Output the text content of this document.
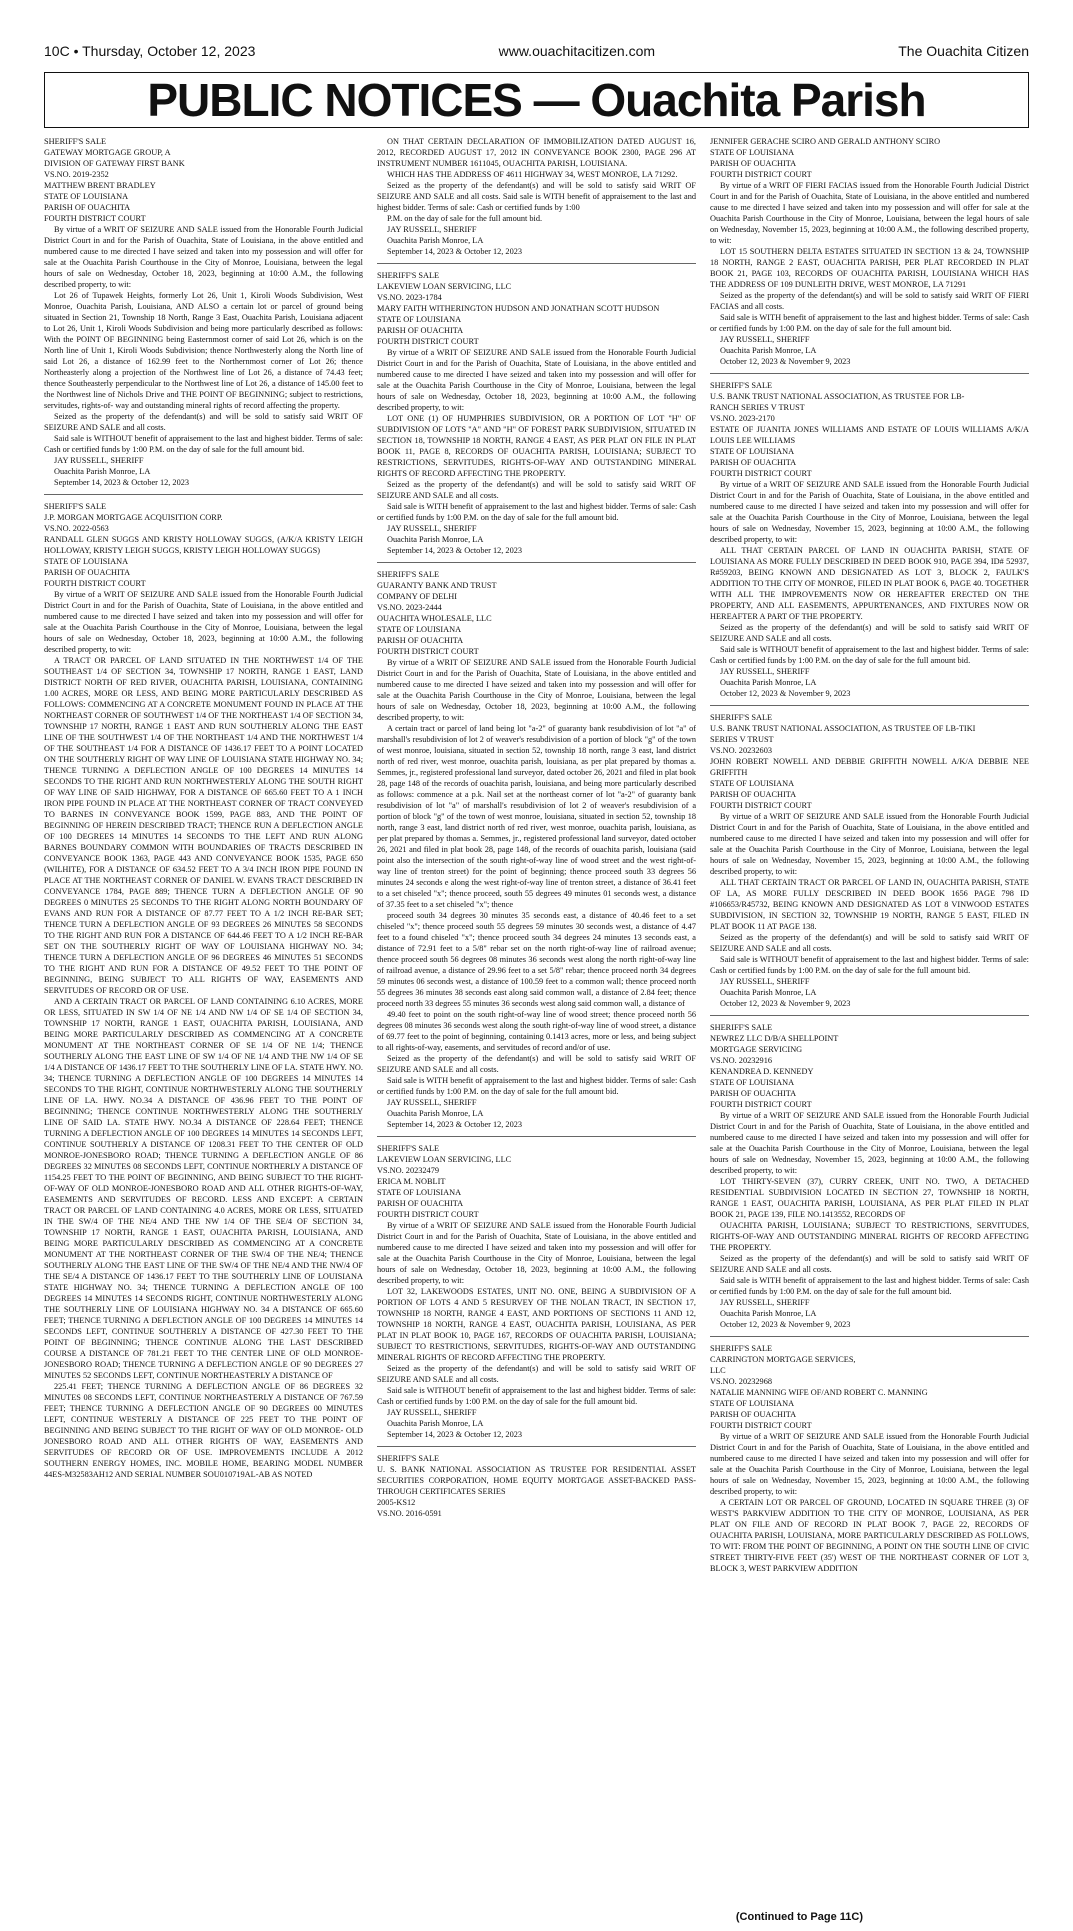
10C • Thursday, October 12, 2023	www.ouachitacitizen.com	The Ouachita Citizen
PUBLIC NOTICES — Ouachita Parish

SHERIFF'S SALE

GATEWAY MORTGAGE GROUP, A

DIVISION OF GATEWAY FIRST BANK

VS.NO. 2019-2352

MATTHEW BRENT BRADLEY

STATE OF LOUISIANA

PARISH OF OUACHITA

FOURTH DISTRICT COURT

By virtue of a WRIT OF SEIZURE AND SALE issued from the Honorable Fourth Judicial District Court in and for the Parish of Ouachita, State of Louisiana, in the above entitled and numbered cause to me directed I have seized and taken into my possession and will offer for sale at the Ouachita Parish Courthouse in the City of Monroe, Louisiana, between the legal hours of sale on Wednesday, October 18, 2023, beginning at 10:00 A.M., the following described property, to wit:

Lot 26 of Tupawek Heights, formerly Lot 26, Unit 1, Kiroli Woods Subdivision, West Monroe, Ouachita Parish, Louisiana, AND ALSO a certain lot or parcel of ground being situated in Section 21, Township 18 North, Range 3 East, Ouachita Parish, Louisiana adjacent to Lot 26, Unit 1, Kiroli Woods Subdivision and being more particularly described as follows: With the POINT OF BEGINNING being Easternmost corner of said Lot 26, which is on the North line of Unit 1, Kiroli Woods Subdivision; thence Northwesterly along the North line of said Lot 26, a distance of 162.99 feet to the Northernmost corner of Lot 26; thence Northeasterly along a projection of the Northwest line of Lot 26, a distance of 74.43 feet; thence Southeasterly perpendicular to the Northwest line of Lot 26, a distance of 145.00 feet to the Northwest line of Nichols Drive and THE POINT OF BEGINNING; subject to restrictions, servitudes, rights-of- way and outstanding mineral rights of record affecting the property.

Seized as the property of the defendant(s) and will be sold to satisfy said WRIT OF SEIZURE AND SALE and all costs.

Said sale is WITHOUT benefit of appraisement to the last and highest bidder. Terms of sale: Cash or certified funds by 1:00 P.M. on the day of sale for the full amount bid.

JAY RUSSELL, SHERIFF

Ouachita Parish Monroe, LA

September 14, 2023 & October 12, 2023

SHERIFF'S SALE

J.P. MORGAN MORTGAGE ACQUISITION CORP.

VS.NO. 2022-0563

RANDALL GLEN SUGGS AND KRISTY HOLLOWAY SUGGS, (A/K/A KRISTY LEIGH HOLLOWAY, KRISTY LEIGH SUGGS, KRISTY LEIGH HOLLOWAY SUGGS)

STATE OF LOUISIANA

PARISH OF OUACHITA

FOURTH DISTRICT COURT

By virtue of a WRIT OF SEIZURE AND SALE issued from the Honorable Fourth Judicial District Court in and for the Parish of Ouachita, State of Louisiana, in the above entitled and numbered cause to me directed I have seized and taken into my possession and will offer for sale at the Ouachita Parish Courthouse in the City of Monroe, Louisiana, between the legal hours of sale on Wednesday, October 18, 2023, beginning at 10:00 A.M., the following described property, to wit:

A TRACT OR PARCEL OF LAND SITUATED IN THE NORTHWEST 1/4 OF THE SOUTHEAST 1/4 OF SECTION 34, TOWNSHIP 17 NORTH, RANGE 1 EAST, LAND DISTRICT NORTH OF RED RIVER, OUACHITA PARISH, LOUISIANA, CONTAINING 1.00 ACRES, MORE OR LESS, AND BEING MORE PARTICULARLY DESCRIBED AS FOLLOWS: COMMENCING AT A CONCRETE MONUMENT FOUND IN PLACE AT THE NORTHEAST CORNER OF SOUTHWEST 1/4 OF THE NORTHEAST 1/4 OF SECTION 34, TOWNSHIP 17 NORTH, RANGE 1 EAST AND RUN SOUTHERLY ALONG THE EAST LINE OF THE SOUTHWEST 1/4 OF THE NORTHEAST 1/4 AND THE NORTHWEST 1/4 OF THE SOUTHEAST 1/4 FOR A DISTANCE OF 1436.17 FEET TO A POINT LOCATED ON THE SOUTHERLY RIGHT OF WAY LINE OF LOUISIANA STATE HIGHWAY NO. 34; THENCE TURNING A DEFLECTION ANGLE OF 100 DEGREES 14 MINUTES 14 SECONDS TO THE RIGHT AND RUN NORTHWESTERLY ALONG THE SOUTH RIGHT OF WAY LINE OF SAID HIGHWAY, FOR A DISTANCE OF 665.60 FEET TO A 1 INCH IRON PIPE FOUND IN PLACE AT THE NORTHEAST CORNER OF TRACT CONVEYED TO BARNES IN CONVEYANCE BOOK 1599, PAGE 883, AND THE POINT OF BEGINNING OF HEREIN DESCRIBED TRACT; THENCE RUN A DEFLECTION ANGLE OF 100 DEGREES 14 MINUTES 14 SECONDS TO THE LEFT AND RUN ALONG BARNES BOUNDARY COMMON WITH BOUNDARIES OF TRACTS DESCRIBED IN CONVEYANCE BOOK 1363, PAGE 443 AND CONVEYANCE BOOK 1535, PAGE 650 (WILHITE), FOR A DISTANCE OF 634.52 FEET TO A 3/4 INCH IRON PIPE FOUND IN PLACE AT THE NORTHEAST CORNER OF DANIEL W. EVANS TRACT DESCRIBED IN CONVEYANCE 1784, PAGE 889; THENCE TURN A DEFLECTION ANGLE OF 90 DEGREES 0 MINUTES 25 SECONDS TO THE RIGHT ALONG NORTH BOUNDARY OF EVANS AND RUN FOR A DISTANCE OF 87.77 FEET TO A 1/2 INCH RE-BAR SET; THENCE TURN A DEFLECTION ANGLE OF 93 DEGREES 26 MINUTES 58 SECONDS TO THE RIGHT AND RUN FOR A DISTANCE OF 644.46 FEET TO A 1/2 INCH RE-BAR SET ON THE SOUTHERLY RIGHT OF WAY OF LOUISIANA HIGHWAY NO. 34; THENCE TURN A DEFLECTION ANGLE OF 96 DEGREES 46 MINUTES 51 SECONDS TO THE RIGHT AND RUN FOR A DISTANCE OF 49.52 FEET TO THE POINT OF BEGINNING, BEING SUBJECT TO ALL RIGHTS OF WAY, EASEMENTS AND SERVITUDES OF RECORD OR OF USE.

AND A CERTAIN TRACT OR PARCEL OF LAND CONTAINING 6.10 ACRES, MORE OR LESS, SITUATED IN SW 1/4 OF NE 1/4 AND NW 1/4 OF SE 1/4 OF SECTION 34, TOWNSHIP 17 NORTH, RANGE 1 EAST, OUACHITA PARISH, LOUISIANA, AND BEING MORE PARTICULARLY DESCRIBED AS COMMENCING AT A CONCRETE MONUMENT AT THE NORTHEAST CORNER OF SE 1/4 OF NE 1/4; THENCE SOUTHERLY ALONG THE EAST LINE OF SW 1/4 OF NE 1/4 AND THE NW 1/4 OF SE 1/4 A DISTANCE OF 1436.17 FEET TO THE SOUTHERLY LINE OF LA. STATE HWY. NO. 34; THENCE TURNING A DEFLECTION ANGLE OF 100 DEGREES 14 MINUTES 14 SECONDS TO THE RIGHT, CONTINUE NORTHWESTERLY ALONG THE SOUTHERLY LINE OF LA. HWY. NO.34 A DISTANCE OF 436.96 FEET TO THE POINT OF BEGINNING; THENCE CONTINUE NORTHWESTERLY ALONG THE SOUTHERLY LINE OF SAID LA. STATE HWY. NO.34 A DISTANCE OF 228.64 FEET; THENCE TURNING A DEFLECTION ANGLE OF 100 DEGREES 14 MINUTES 14 SECONDS LEFT, CONTINUE SOUTHERLY A DISTANCE OF 1208.31 FEET TO THE CENTER OF OLD MONROE-JONESBORO ROAD; THENCE TURNING A DEFLECTION ANGLE OF 86 DEGREES 32 MINUTES 08 SECONDS LEFT, CONTINUE NORTHERLY A DISTANCE OF 1154.25 FEET TO THE POINT OF BEGINNING, AND BEING SUBJECT TO THE RIGHT-OF-WAY OF OLD MONROE-JONESBORO ROAD AND ALL OTHER RIGHTS-OF-WAY, EASEMENTS AND SERVITUDES OF RECORD. LESS AND EXCEPT: A CERTAIN TRACT OR PARCEL OF LAND CONTAINING 4.0 ACRES, MORE OR LESS, SITUATED IN THE SW/4 OF THE NE/4 AND THE NW 1/4 OF THE SE/4 OF SECTION 34, TOWNSHIP 17 NORTH, RANGE 1 EAST, OUACHITA PARISH, LOUISIANA, AND BEING MORE PARTICULARLY DESCRIBED AS COMMENCING AT A CONCRETE MONUMENT AT THE NORTHEAST CORNER OF THE SW/4 OF THE NE/4; THENCE SOUTHERLY ALONG THE EAST LINE OF THE SW/4 OF THE NE/4 AND THE NW/4 OF THE SE/4 A DISTANCE OF 1436.17 FEET TO THE SOUTHERLY LINE OF LOUISIANA STATE HIGHWAY NO. 34; THENCE TURNING A DEFLECTION ANGLE OF 100 DEGREES 14 MINUTES 14 SECONDS RIGHT, CONTINUE NORTHWESTERLY ALONG THE SOUTHERLY LINE OF LOUISIANA HIGHWAY NO. 34 A DISTANCE OF 665.60 FEET; THENCE TURNING A DEFLECTION ANGLE OF 100 DEGREES 14 MINUTES 14 SECONDS LEFT, CONTINUE SOUTHERLY A DISTANCE OF 427.30 FEET TO THE POINT OF BEGINNING; THENCE CONTINUE ALONG THE LAST DESCRIBED COURSE A DISTANCE OF 781.21 FEET TO THE CENTER LINE OF OLD MONROE-JONESBORO ROAD; THENCE TURNING A DEFLECTION ANGLE OF 90 DEGREES 27 MINUTES 52 SECONDS LEFT, CONTINUE NORTHEASTERLY A DISTANCE OF

225.41 FEET; THENCE TURNING A DEFLECTION ANGLE OF 86 DEGREES 32 MINUTES 08 SECONDS LEFT, CONTINUE NORTHEASTERLY A DISTANCE OF 767.59 FEET; THENCE TURNING A DEFLECTION ANGLE OF 90 DEGREES 00 MINUTES LEFT, CONTINUE WESTERLY A DISTANCE OF 225 FEET TO THE POINT OF BEGINNING AND BEING SUBJECT TO THE RIGHT OF WAY OF OLD MONROE- OLD JONESBORO ROAD AND ALL OTHER RIGHTS OF WAY, EASEMENTS AND SERVITUDES OF RECORD OR OF USE. IMPROVEMENTS INCLUDE A 2012 SOUTHERN ENERGY HOMES, INC. MOBILE HOME, BEARING MODEL NUMBER 44ES-M32583AH12 AND SERIAL NUMBER SOU010719AL-AB AS NOTED

ON THAT CERTAIN DECLARATION OF IMMOBILIZATION DATED AUGUST 16, 2012, RECORDED AUGUST 17, 2012 IN CONVEYANCE BOOK 2300, PAGE 296 AT INSTRUMENT NUMBER 1611045, OUACHITA PARISH, LOUISIANA.

WHICH HAS THE ADDRESS OF 4611 HIGHWAY 34, WEST MONROE, LA 71292.

Seized as the property of the defendant(s) and will be sold to satisfy said WRIT OF SEIZURE AND SALE and all costs. Said sale is WITH benefit of appraisement to the last and highest bidder. Terms of sale: Cash or certified funds by 1:00

P.M. on the day of sale for the full amount bid.

JAY RUSSELL, SHERIFF

Ouachita Parish Monroe, LA

September 14, 2023 & October 12, 2023

SHERIFF'S SALE

LAKEVIEW LOAN SERVICING, LLC

VS.NO. 2023-1784

MARY FAITH WITHERINGTON HUDSON AND JONATHAN SCOTT HUDSON

STATE OF LOUISIANA

PARISH OF OUACHITA

FOURTH DISTRICT COURT

By virtue of a WRIT OF SEIZURE AND SALE issued from the Honorable Fourth Judicial District Court in and for the Parish of Ouachita, State of Louisiana, in the above entitled and numbered cause to me directed I have seized and taken into my possession and will offer for sale at the Ouachita Parish Courthouse in the City of Monroe, Louisiana, between the legal hours of sale on Wednesday, October 18, 2023, beginning at 10:00 A.M., the following described property, to wit:

LOT ONE (1) OF HUMPHRIES SUBDIVISION, OR A PORTION OF LOT "H" OF SUBDIVISION OF LOTS "A" AND "H" OF FOREST PARK SUBDIVISION, SITUATED IN SECTION 18, TOWNSHIP 18 NORTH, RANGE 4 EAST, AS PER PLAT ON FILE IN PLAT BOOK 11, PAGE 8, RECORDS OF OUACHITA PARISH, LOUISIANA; SUBJECT TO RESTRICTIONS, SERVITUDES, RIGHTS-OF-WAY AND OUTSTANDING MINERAL RIGHTS OF RECORD AFFECTING THE PROPERTY.

Seized as the property of the defendant(s) and will be sold to satisfy said WRIT OF SEIZURE AND SALE and all costs.

Said sale is WITH benefit of appraisement to the last and highest bidder. Terms of sale: Cash or certified funds by 1:00 P.M. on the day of sale for the full amount bid.

JAY RUSSELL, SHERIFF

Ouachita Parish Monroe, LA

September 14, 2023 & October 12, 2023

SHERIFF'S SALE

GUARANTY BANK AND TRUST

COMPANY OF DELHI

VS.NO. 2023-2444

OUACHITA WHOLESALE, LLC

STATE OF LOUISIANA

PARISH OF OUACHITA

FOURTH DISTRICT COURT

By virtue of a WRIT OF SEIZURE AND SALE issued from the Honorable Fourth Judicial District Court in and for the Parish of Ouachita, State of Louisiana, in the above entitled and numbered cause to me directed I have seized and taken into my possession and will offer for sale at the Ouachita Parish Courthouse in the City of Monroe, Louisiana, between the legal hours of sale on Wednesday, October 18, 2023, beginning at 10:00 A.M., the following described property, to wit:

A certain tract or parcel of land being lot "a-2" of guaranty bank resubdivision of lot "a" of marshall's resubdivision of lot 2 of weaver's resubdivision of a portion of block "g" of the town of west monroe, louisiana, situated in section 52, township 18 north, range 3 east, land district north of red river, west monroe, ouachita parish, louisiana, as per plat prepared by thomas a. Semmes, jr., registered professional land surveyor, dated october 26, 2021 and filed in plat book 28, page 148 of the records of ouachita parish, louisiana, and being more particularly described as follows: commence at a p.k. Nail set at the northeast corner of lot "a-2" of guaranty bank resubdivision of lot "a" of marshall's resubdivision of lot 2 of weaver's resubdivision of a portion of block "g" of the town of west monroe, louisiana, situated in section 52, township 18 north, range 3 east, land district north of red river, west monroe, ouachita parish, louisiana, as per plat prepared by thomas a. Semmes, jr., registered professional land surveyor, dated october 26, 2021 and filed in plat book 28, page 148, of the records of ouachita parish, louisiana (said point also the intersection of the south right-of-way line of wood street and the west right-of-way line of trenton street) for the point of beginning; thence proceed south 33 degrees 56 minutes 24 seconds e along the west right-of-way line of trenton street, a distance of 36.41 feet to a set chiseled "x"; thence proceed, south 55 degrees 49 minutes 01 seconds west, a distance of 37.35 feet to a set chiseled "x"; thence

proceed south 34 degrees 30 minutes 35 seconds east, a distance of 40.46 feet to a set chiseled "x"; thence proceed south 55 degrees 59 minutes 30 seconds west, a distance of 4.47 feet to a found chiseled "x"; thence proceed south 34 degrees 24 minutes 13 seconds east, a distance of 72.91 feet to a 5/8" rebar set on the north right-of-way line of railroad avenue; thence proceed south 56 degrees 08 minutes 36 seconds west along the north right-of-way line of railroad avenue, a distance of 29.96 feet to a set 5/8" rebar; thence proceed north 34 degrees 59 minutes 06 seconds west, a distance of 100.59 feet to a common wall; thence proceed north 55 degrees 36 minutes 38 seconds east along said common wall, a distance of 2.84 feet; thence proceed north 33 degrees 55 minutes 36 seconds west along said common wall, a distance of

49.40 feet to point on the south right-of-way line of wood street; thence proceed north 56 degrees 08 minutes 36 seconds west along the south right-of-way line of wood street, a distance of 69.77 feet to the point of beginning, containing 0.1413 acres, more or less, and being subject to all rights-of-way, easements, and servitudes of record and/or of use.

Seized as the property of the defendant(s) and will be sold to satisfy said WRIT OF SEIZURE AND SALE and all costs.

Said sale is WITH benefit of appraisement to the last and highest bidder. Terms of sale: Cash or certified funds by 1:00 P.M. on the day of sale for the full amount bid.

JAY RUSSELL, SHERIFF

Ouachita Parish Monroe, LA

September 14, 2023 & October 12, 2023

SHERIFF'S SALE

LAKEVIEW LOAN SERVICING, LLC

VS.NO. 20232479

ERICA M. NOBLIT

STATE OF LOUISIANA

PARISH OF OUACHITA

FOURTH DISTRICT COURT

By virtue of a WRIT OF SEIZURE AND SALE issued from the Honorable Fourth Judicial District Court in and for the Parish of Ouachita, State of Louisiana, in the above entitled and numbered cause to me directed I have seized and taken into my possession and will offer for sale at the Ouachita Parish Courthouse in the City of Monroe, Louisiana, between the legal hours of sale on Wednesday, October 18, 2023, beginning at 10:00 A.M., the following described property, to wit:

LOT 32, LAKEWOODS ESTATES, UNIT NO. ONE, BEING A SUBDIVISION OF A PORTION OF LOTS 4 AND 5 RESURVEY OF THE NOLAN TRACT, IN SECTION 17, TOWNSHIP 18 NORTH, RANGE 4 EAST, AND PORTIONS OF SECTIONS 11 AND 12, TOWNSHIP 18 NORTH, RANGE 4 EAST, OUACHITA PARISH, LOUISIANA, AS PER PLAT IN PLAT BOOK 10, PAGE 167, RECORDS OF OUACHITA PARISH, LOUISIANA; SUBJECT TO RESTRICTIONS, SERVITUDES, RIGHTS-OF-WAY AND OUTSTANDING MINERAL RIGHTS OF RECORD AFFECTING THE PROPERTY.

Seized as the property of the defendant(s) and will be sold to satisfy said WRIT OF SEIZURE AND SALE and all costs.

Said sale is WITHOUT benefit of appraisement to the last and highest bidder. Terms of sale: Cash or certified funds by 1:00 P.M. on the day of sale for the full amount bid.

JAY RUSSELL, SHERIFF

Ouachita Parish Monroe, LA

September 14, 2023 & October 12, 2023

SHERIFF'S SALE

U. S. BANK NATIONAL ASSOCIATION AS TRUSTEE FOR RESIDENTIAL ASSET SECURITIES CORPORATION, HOME EQUITY MORTGAGE ASSET-BACKED PASS-THROUGH CERTIFICATES SERIES

2005-KS12

VS.NO. 2016-0591

JENNIFER GERACHE SCIRO AND GERALD ANTHONY SCIRO

STATE OF LOUISIANA

PARISH OF OUACHITA

FOURTH DISTRICT COURT

By virtue of a WRIT OF FIERI FACIAS issued from the Honorable Fourth Judicial District Court in and for the Parish of Ouachita, State of Louisiana, in the above entitled and numbered cause to me directed I have seized and taken into my possession and will offer for sale at the Ouachita Parish Courthouse in the City of Monroe, Louisiana, between the legal hours of sale on Wednesday, November 15, 2023, beginning at 10:00 A.M., the following described property, to wit:

LOT 15 SOUTHERN DELTA ESTATES SITUATED IN SECTION 13 & 24, TOWNSHIP 18 NORTH, RANGE 2 EAST, OUACHITA PARISH, PER PLAT RECORDED IN PLAT BOOK 21, PAGE 103, RECORDS OF OUACHITA PARISH, LOUISIANA WHICH HAS THE ADDRESS OF 109 DUNLEITH DRIVE, WEST MONROE, LA 71291

Seized as the property of the defendant(s) and will be sold to satisfy said WRIT OF FIERI FACIAS and all costs.

Said sale is WITH benefit of appraisement to the last and highest bidder. Terms of sale: Cash or certified funds by 1:00 P.M. on the day of sale for the full amount bid.

JAY RUSSELL, SHERIFF

Ouachita Parish Monroe, LA

October 12, 2023 & November 9, 2023

SHERIFF'S SALE

U.S. BANK TRUST NATIONAL ASSOCIATION, AS TRUSTEE FOR LB-

RANCH SERIES V TRUST

VS.NO. 2023-2170

ESTATE OF JUANITA JONES WILLIAMS AND ESTATE OF LOUIS WILLIAMS A/K/A LOUIS LEE WILLIAMS

STATE OF LOUISIANA

PARISH OF OUACHITA

FOURTH DISTRICT COURT

By virtue of a WRIT OF SEIZURE AND SALE issued from the Honorable Fourth Judicial District Court in and for the Parish of Ouachita, State of Louisiana, in the above entitled and numbered cause to me directed I have seized and taken into my possession and will offer for sale at the Ouachita Parish Courthouse in the City of Monroe, Louisiana, between the legal hours of sale on Wednesday, November 15, 2023, beginning at 10:00 A.M., the following described property, to wit:

ALL THAT CERTAIN PARCEL OF LAND IN OUACHITA PARISH, STATE OF LOUISIANA AS MORE FULLY DESCRIBED IN DEED BOOK 910, PAGE 394, ID# 52937, R#59203, BEING KNOWN AND DESIGNATED AS LOT 3, BLOCK 2, FAULK'S ADDITION TO THE CITY OF MONROE, FILED IN PLAT BOOK 6, PAGE 40. TOGETHER WITH ALL THE IMPROVEMENTS NOW OR HEREAFTER ERECTED ON THE PROPERTY, AND ALL EASEMENTS, APPURTENANCES, AND FIXTURES NOW OR HEREAFTER A PART OF THE PROPERTY.

Seized as the property of the defendant(s) and will be sold to satisfy said WRIT OF SEIZURE AND SALE and all costs.

Said sale is WITHOUT benefit of appraisement to the last and highest bidder. Terms of sale: Cash or certified funds by 1:00 P.M. on the day of sale for the full amount bid.

JAY RUSSELL, SHERIFF

Ouachita Parish Monroe, LA

October 12, 2023 & November 9, 2023

SHERIFF'S SALE

U.S. BANK TRUST NATIONAL ASSOCIATION, AS TRUSTEE OF LB-TIKI

SERIES V TRUST

VS.NO. 20232603

JOHN ROBERT NOWELL AND DEBBIE GRIFFITH NOWELL A/K/A DEBBIE NEE GRIFFITH

STATE OF LOUISIANA

PARISH OF OUACHITA

FOURTH DISTRICT COURT

By virtue of a WRIT OF SEIZURE AND SALE issued from the Honorable Fourth Judicial District Court in and for the Parish of Ouachita, State of Louisiana, in the above entitled and numbered cause to me directed I have seized and taken into my possession and will offer for sale at the Ouachita Parish Courthouse in the City of Monroe, Louisiana, between the legal hours of sale on Wednesday, November 15, 2023, beginning at 10:00 A.M., the following described property, to wit:

ALL THAT CERTAIN TRACT OR PARCEL OF LAND IN, OUACHITA PARISH, STATE OF LA, AS MORE FULLY DESCRIBED IN DEED BOOK 1656 PAGE 798 ID #106653/R45732, BEING KNOWN AND DESIGNATED AS LOT 8 VINWOOD ESTATES SUBDIVISION, IN SECTION 32, TOWNSHIP 19 NORTH, RANGE 5 EAST, FILED IN PLAT BOOK 11 AT PAGE 138.

Seized as the property of the defendant(s) and will be sold to satisfy said WRIT OF SEIZURE AND SALE and all costs.

Said sale is WITHOUT benefit of appraisement to the last and highest bidder. Terms of sale: Cash or certified funds by 1:00 P.M. on the day of sale for the full amount bid.

JAY RUSSELL, SHERIFF

Ouachita Parish Monroe, LA

October 12, 2023 & November 9, 2023

SHERIFF'S SALE

NEWREZ LLC D/B/A SHELLPOINT

MORTGAGE SERVICING

VS.NO. 20232916

KENANDREA D. KENNEDY

STATE OF LOUISIANA

PARISH OF OUACHITA

FOURTH DISTRICT COURT

By virtue of a WRIT OF SEIZURE AND SALE issued from the Honorable Fourth Judicial District Court in and for the Parish of Ouachita, State of Louisiana, in the above entitled and numbered cause to me directed I have seized and taken into my possession and will offer for sale at the Ouachita Parish Courthouse in the City of Monroe, Louisiana, between the legal hours of sale on Wednesday, November 15, 2023, beginning at 10:00 A.M., the following described property, to wit:

LOT THIRTY-SEVEN (37), CURRY CREEK, UNIT NO. TWO, A DETACHED RESIDENTIAL SUBDIVISION LOCATED IN SECTION 27, TOWNSHIP 18 NORTH, RANGE 1 EAST, OUACHITA PARISH, LOUISIANA, AS PER PLAT FILED IN PLAT BOOK 21, PAGE 139, FILE NO.1413552, RECORDS OF

OUACHITA PARISH, LOUISIANA; SUBJECT TO RESTRICTIONS, SERVITUDES, RIGHTS-OF-WAY AND OUTSTANDING MINERAL RIGHTS OF RECORD AFFECTING THE PROPERTY.

Seized as the property of the defendant(s) and will be sold to satisfy said WRIT OF SEIZURE AND SALE and all costs.

Said sale is WITH benefit of appraisement to the last and highest bidder. Terms of sale: Cash or certified funds by 1:00 P.M. on the day of sale for the full amount bid.

JAY RUSSELL, SHERIFF

Ouachita Parish Monroe, LA

October 12, 2023 & November 9, 2023

SHERIFF'S SALE

CARRINGTON MORTGAGE SERVICES,

LLC

VS.NO. 20232968

NATALIE MANNING WIFE OF/AND ROBERT C. MANNING

STATE OF LOUISIANA

PARISH OF OUACHITA

FOURTH DISTRICT COURT

By virtue of a WRIT OF SEIZURE AND SALE issued from the Honorable Fourth Judicial District Court in and for the Parish of Ouachita, State of Louisiana, in the above entitled and numbered cause to me directed I have seized and taken into my possession and will offer for sale at the Ouachita Parish Courthouse in the City of Monroe, Louisiana, between the legal hours of sale on Wednesday, November 15, 2023, beginning at 10:00 A.M., the following described property, to wit:

A CERTAIN LOT OR PARCEL OF GROUND, LOCATED IN SQUARE THREE (3) OF WEST'S PARKVIEW ADDITION TO THE CITY OF MONROE, LOUISIANA, AS PER PLAT ON FILE AND OF RECORD IN PLAT BOOK 7, PAGE 22, RECORDS OF OUACHITA PARISH, LOUISIANA, MORE PARTICULARLY DESCRIBED AS FOLLOWS, TO WIT: FROM THE POINT OF BEGINNING, A POINT ON THE SOUTH LINE OF CIVIC STREET THIRTY-FIVE FEET (35') WEST OF THE NORTHEAST CORNER OF LOT 3, BLOCK 3, WEST PARKVIEW ADDITION

(Continued to Page 11C)
